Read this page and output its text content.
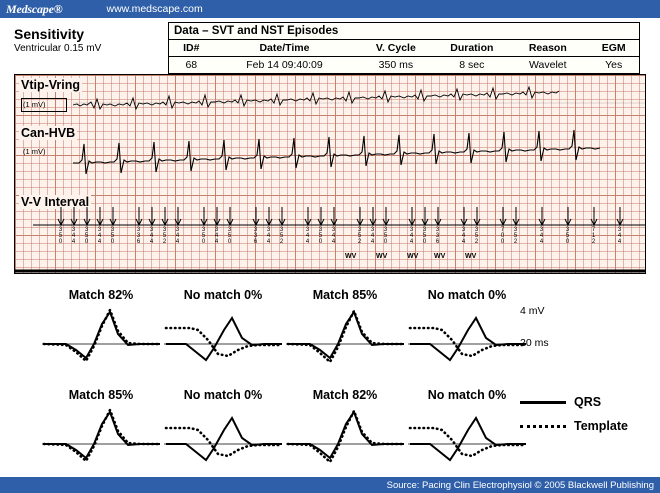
Medscape®	www.medscape.com
Sensitivity
Ventricular 0.15 mV
Data – SVT and NST Episodes
ID#	Date/Time	V. Cycle	Duration	Reason	EGM
68	Feb 14 09:40:09	350 ms	8 sec	Wavelet	Yes
Vtip-Vring
(1 mV)
Can-HVB
(1 mV)
V-V Interval
3
5
0
3
4
4
3
5
0
3
4
4
3
5
0
3
3
6
3
4
4
3
5
2
3
4
4
3
5
0
3
4
4
3
5
0
3
3
6
3
4
4
3
5
2
3
4
4
3
5
0
3
4
4
3
5
2
3
4
4
3
5
0
3
4
4
3
5
0
3
3
6
3
4
4
3
5
2
7
0
0
3
5
2
3
4
4
3
5
0
7
1
2
3
4
4
WV	WV	WV WV	WV
Match 82%	No match 0%	Match 85%	No match 0%
Match 85%	No match 0%	Match 82%	No match 0%
4 mV
20 ms
QRS
Template
Source: Pacing Clin Electrophysiol © 2005 Blackwell Publishing
